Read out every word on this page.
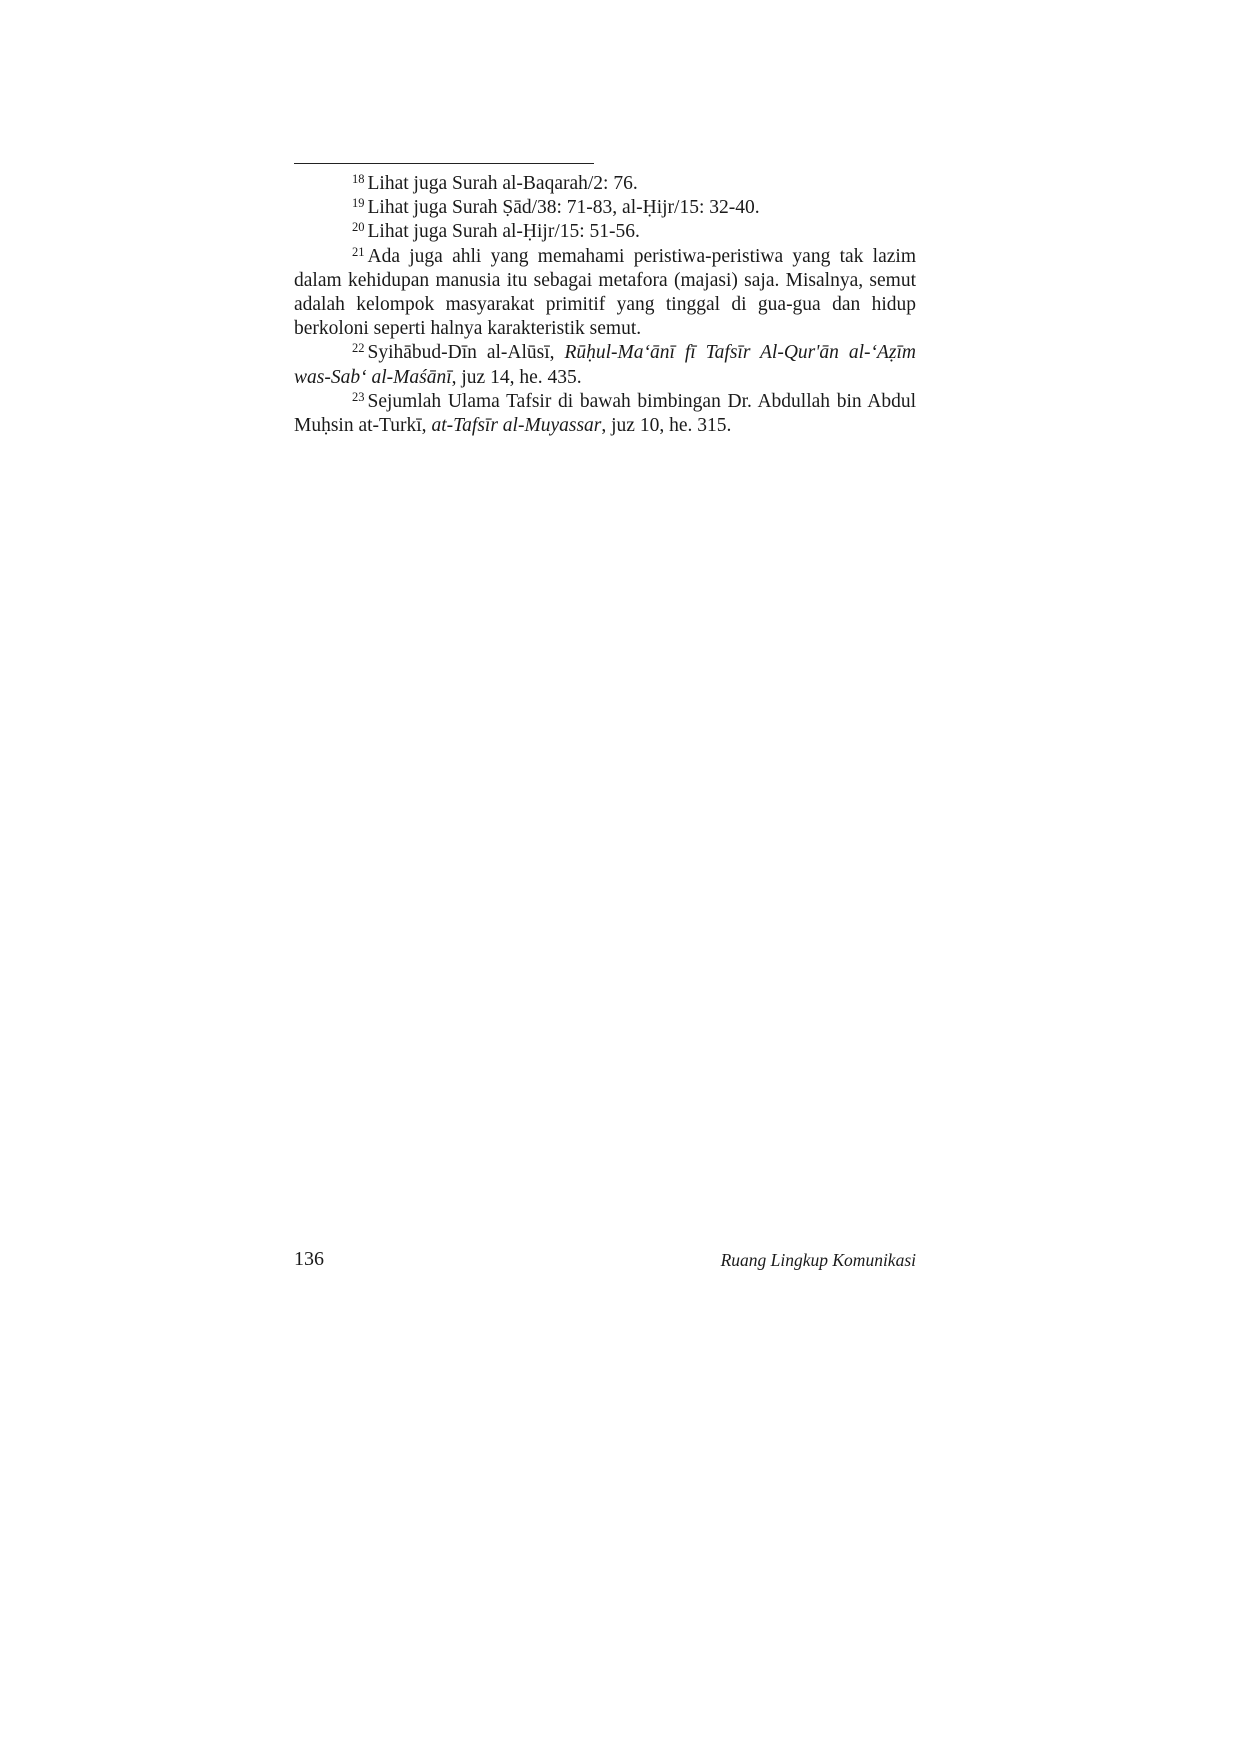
$^{18}$ Lihat juga Surah al-Baqarah/2: 76.

$^{19}$ Lihat juga Surah Ṣād/38: 71-83, al-Ḥijr/15: 32-40.

$^{20}$ Lihat juga Surah al-Ḥijr/15: 51-56.

$^{21}$ Ada juga ahli yang memahami peristiwa-peristiwa yang tak lazim dalam kehidupan manusia itu sebagai metafora (majasi) saja. Misalnya, semut adalah kelompok masyarakat primitif yang tinggal di gua-gua dan hidup berkoloni seperti halnya karakteristik semut.

$^{22}$ Syihābud-Dīn al-Alūsī, Rūḥul-Ma‘ānī fī Tafsīr Al-Qur'ān al-‘Aẓīm was-Sab‘ al-Maśānī, juz 14, he. 435.

$^{23}$ Sejumlah Ulama Tafsir di bawah bimbingan Dr. Abdullah bin Abdul Muḥsin at-Turkī, at-Tafsīr al-Muyassar, juz 10, he. 315.

136	Ruang Lingkup Komunikasi
